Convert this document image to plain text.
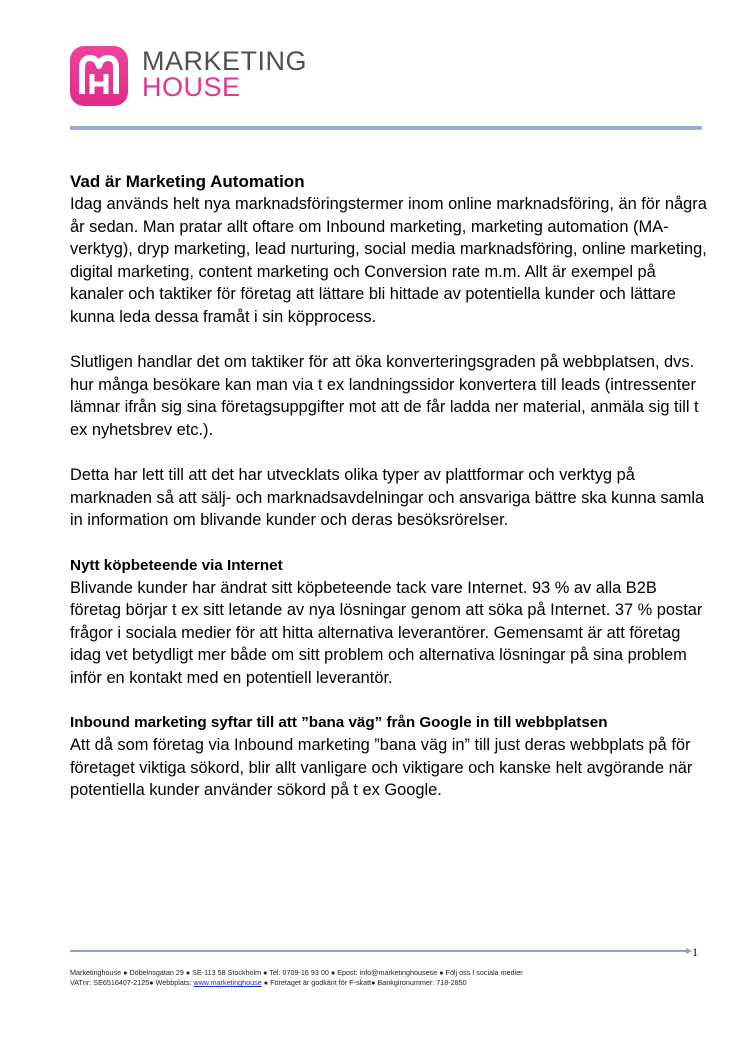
MARKETING
HOUSE
Vad är Marketing Automation

Idag används helt nya marknadsföringstermer inom online marknadsföring, än för några år sedan. Man pratar allt oftare om Inbound marketing, marketing automation (MA-verktyg), dryp marketing, lead nurturing, social media marknadsföring, online marketing, digital marketing, content marketing och Conversion rate m.m. Allt är exempel på kanaler och taktiker för företag att lättare bli hittade av potentiella kunder och lättare kunna leda dessa framåt i sin köpprocess.

Slutligen handlar det om taktiker för att öka konverteringsgraden på webbplatsen, dvs. hur många besökare kan man via t ex landningssidor konvertera till leads (intressenter lämnar ifrån sig sina företagsuppgifter mot att de får ladda ner material, anmäla sig till t ex nyhetsbrev etc.).

Detta har lett till att det har utvecklats olika typer av plattformar och verktyg på marknaden så att sälj- och marknadsavdelningar och ansvariga bättre ska kunna samla in information om blivande kunder och deras besöksrörelser.

Nytt köpbeteende via Internet

Blivande kunder har ändrat sitt köpbeteende tack vare Internet. 93 % av alla B2B företag börjar t ex sitt letande av nya lösningar genom att söka på Internet. 37 % postar frågor i sociala medier för att hitta alternativa leverantörer. Gemensamt är att företag idag vet betydligt mer både om sitt problem och alternativa lösningar på sina problem inför en kontakt med en potentiell leverantör.

Inbound marketing syftar till att ”bana väg” från Google in till webbplatsen

Att då som företag via Inbound marketing ”bana väg in” till just deras webbplats på för företaget viktiga sökord, blir allt vanligare och viktigare och kanske helt avgörande när potentiella kunder använder sökord på t ex Google.

1
Marketinghouse ● Döbelnsgatan 29 ● SE-113 58 Stockholm ● Tel: 0709-16 93 00 ● Epost: info@marketinghousese ● Följ oss I sociala medier
VATnr: SE6516407-2125● Webbplats: www.marketinghouse ● Företaget är godkänt för F-skatt● Bankgironummer: 718-2850
